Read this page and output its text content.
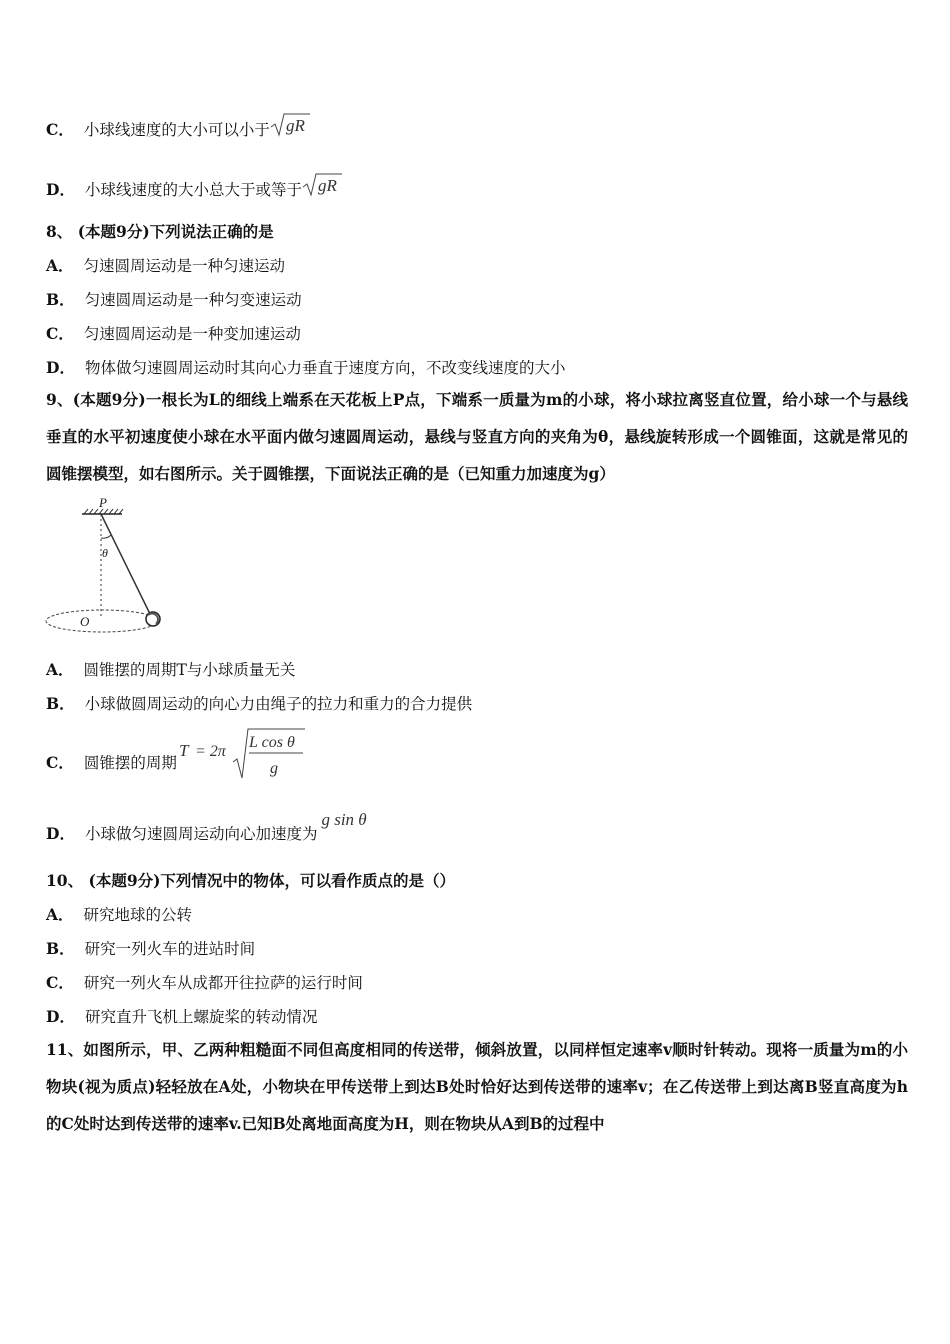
C． 小球线速度的大小可以小于 gR
D． 小球线速度的大小总大于或等于 gR
8、 (本题9分)下列说法正确的是
A． 匀速圆周运动是一种匀速运动
B． 匀速圆周运动是一种匀变速运动
C． 匀速圆周运动是一种变加速运动
D． 物体做匀速圆周运动时其向心力垂直于速度方向，不改变线速度的大小
9、(本题9分)一根长为L的细线上端系在天花板上P点，下端系一质量为m的小球，将小球拉离竖直位置，给小球一个与悬线垂直的水平初速度使小球在水平面内做匀速圆周运动，悬线与竖直方向的夹角为θ，悬线旋转形成一个圆锥面，这就是常见的圆锥摆模型，如右图所示。关于圆锥摆，下面说法正确的是（已知重力加速度为g）
P
θ
O
A． 圆锥摆的周期T与小球质量无关
B． 小球做圆周运动的向心力由绳子的拉力和重力的合力提供
C． 圆锥摆的周期
T = 2π
L cos θ
g
D． 小球做匀速圆周运动向心加速度为g sin θ
10、 (本题9分)下列情况中的物体，可以看作质点的是（）
A． 研究地球的公转
B． 研究一列火车的进站时间
C． 研究一列火车从成都开往拉萨的运行时间
D． 研究直升飞机上螺旋桨的转动情况
11、如图所示，甲、乙两种粗糙面不同但高度相同的传送带，倾斜放置，以同样恒定速率v顺时针转动。现将一质量为m的小物块(视为质点)轻轻放在A处，小物块在甲传送带上到达B处时恰好达到传送带的速率v；在乙传送带上到达离B竖直高度为h的C处时达到传送带的速率v.已知B处离地面高度为H，则在物块从A到B的过程中
